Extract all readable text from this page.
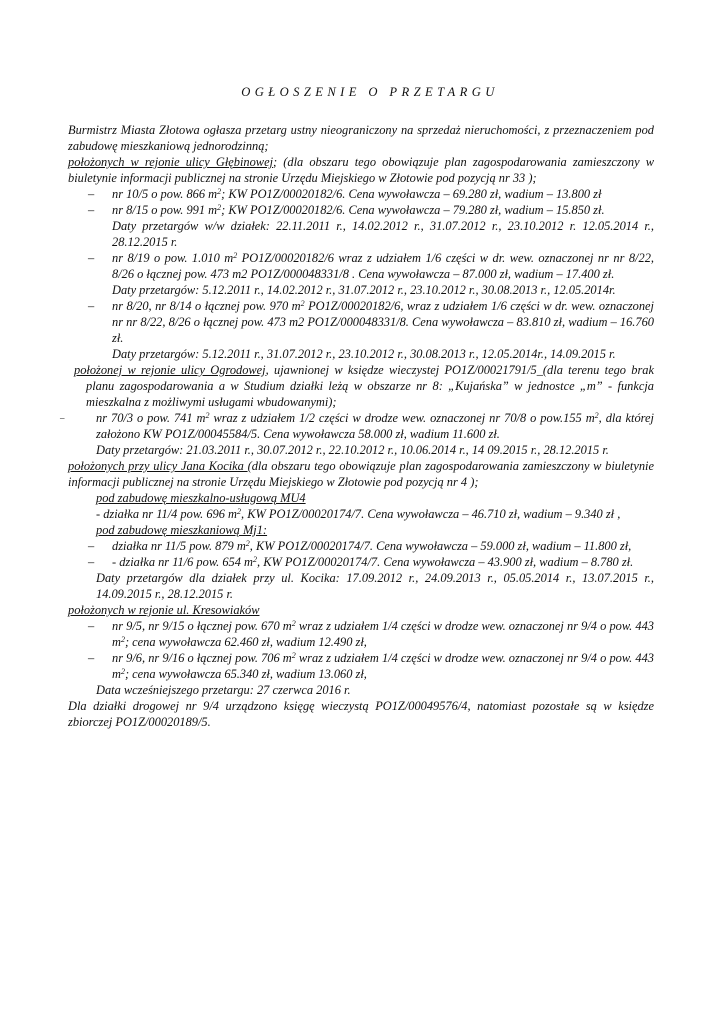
OGŁOSZENIE O PRZETARGU

Burmistrz Miasta Złotowa ogłasza przetarg ustny nieograniczony na sprzedaż nieruchomości, z przeznaczeniem pod zabudowę mieszkaniową jednorodzinną;

położonych w rejonie ulicy Głębinowej; (dla obszaru tego obowiązuje plan zagospodarowania zamieszczony w biuletynie informacji publicznej na stronie Urzędu Miejskiego w Złotowie pod pozycją nr 33 );

– nr 10/5 o pow. 866 $m^2$; KW PO1Z/00020182/6. Cena wywoławcza – 69.280 zł, wadium – 13.800 zł
– nr 8/15 o pow. 991 $m^2$; KW PO1Z/00020182/6. Cena wywoławcza – 79.280 zł, wadium – 15.850 zł.
Daty przetargów w/w działek: 22.11.2011 r., 14.02.2012 r., 31.07.2012 r., 23.10.2012 r. 12.05.2014 r., 28.12.2015 r.
– nr 8/19 o pow. 1.010 $m^2$ PO1Z/00020182/6 wraz z udziałem 1/6 części w dr. wew. oznaczonej nr nr 8/22, 8/26 o łącznej pow. 473 m2 PO1Z/000048331/8 . Cena wywoławcza – 87.000 zł, wadium – 17.400 zł.
Daty przetargów: 5.12.2011 r., 14.02.2012 r., 31.07.2012 r., 23.10.2012 r., 30.08.2013 r., 12.05.2014r.
– nr 8/20, nr 8/14 o łącznej pow. 970 $m^2$ PO1Z/00020182/6, wraz z udziałem 1/6 części w dr. wew. oznaczonej nr nr 8/22, 8/26 o łącznej pow. 473 m2 PO1Z/000048331/8. Cena wywoławcza – 83.810 zł, wadium – 16.760 zł.
Daty przetargów: 5.12.2011 r., 31.07.2012 r., 23.10.2012 r., 30.08.2013 r., 12.05.2014r., 14.09.2015 r.

położonej w rejonie ulicy Ogrodowej, ujawnionej w księdze wieczystej PO1Z/00021791/5_(dla terenu tego brak planu zagospodarowania a w Studium działki leżą w obszarze nr 8: „Kujańska” w jednostce „m” - funkcja mieszkalna z możliwymi usługami wbudowanymi);

–	nr 70/3 o pow. 741 $m^2$ wraz z udziałem 1/2 części w drodze wew. oznaczonej nr 70/8 o pow.155 $m^2$, dla której założono KW PO1Z/00045584/5. Cena wywoławcza 58.000 zł, wadium 11.600 zł.
Daty przetargów: 21.03.2011 r., 30.07.2012 r., 22.10.2012 r., 10.06.2014 r., 14 09.2015 r., 28.12.2015 r.

położonych przy ulicy Jana Kocika (dla obszaru tego obowiązuje plan zagospodarowania zamieszczony w biuletynie informacji publicznej na stronie Urzędu Miejskiego w Złotowie pod pozycją nr 4 );

pod zabudowę mieszkalno-usługową MU4
- działka nr 11/4 pow. 696 $m^2$, KW PO1Z/00020174/7. Cena wywoławcza – 46.710 zł, wadium – 9.340 zł ,
pod zabudowę mieszkaniową Mj1:
– działka nr 11/5 pow. 879 $m^2$, KW PO1Z/00020174/7. Cena wywoławcza – 59.000 zł, wadium – 11.800 zł,
– - działka nr 11/6 pow. 654 $m^2$, KW PO1Z/00020174/7. Cena wywoławcza – 43.900 zł, wadium – 8.780 zł.
Daty przetargów dla działek przy ul. Kocika: 17.09.2012 r., 24.09.2013 r., 05.05.2014 r., 13.07.2015 r., 14.09.2015 r., 28.12.2015 r.

położonych w rejonie ul. Kresowiaków

– nr 9/5, nr 9/15 o łącznej pow. 670 $m^2$ wraz z udziałem 1/4 części w drodze wew. oznaczonej nr 9/4 o pow. 443 $m^2$; cena wywoławcza 62.460 zł, wadium 12.490 zł,
– nr 9/6, nr 9/16 o łącznej pow. 706 $m^2$ wraz z udziałem 1/4 części w drodze wew. oznaczonej nr 9/4 o pow. 443 $m^2$; cena wywoławcza 65.340 zł, wadium 13.060 zł,
Data wcześniejszego przetargu: 27 czerwca 2016 r.

Dla działki drogowej nr 9/4 urządzono księgę wieczystą PO1Z/00049576/4, natomiast pozostałe są w księdze zbiorczej PO1Z/00020189/5.
